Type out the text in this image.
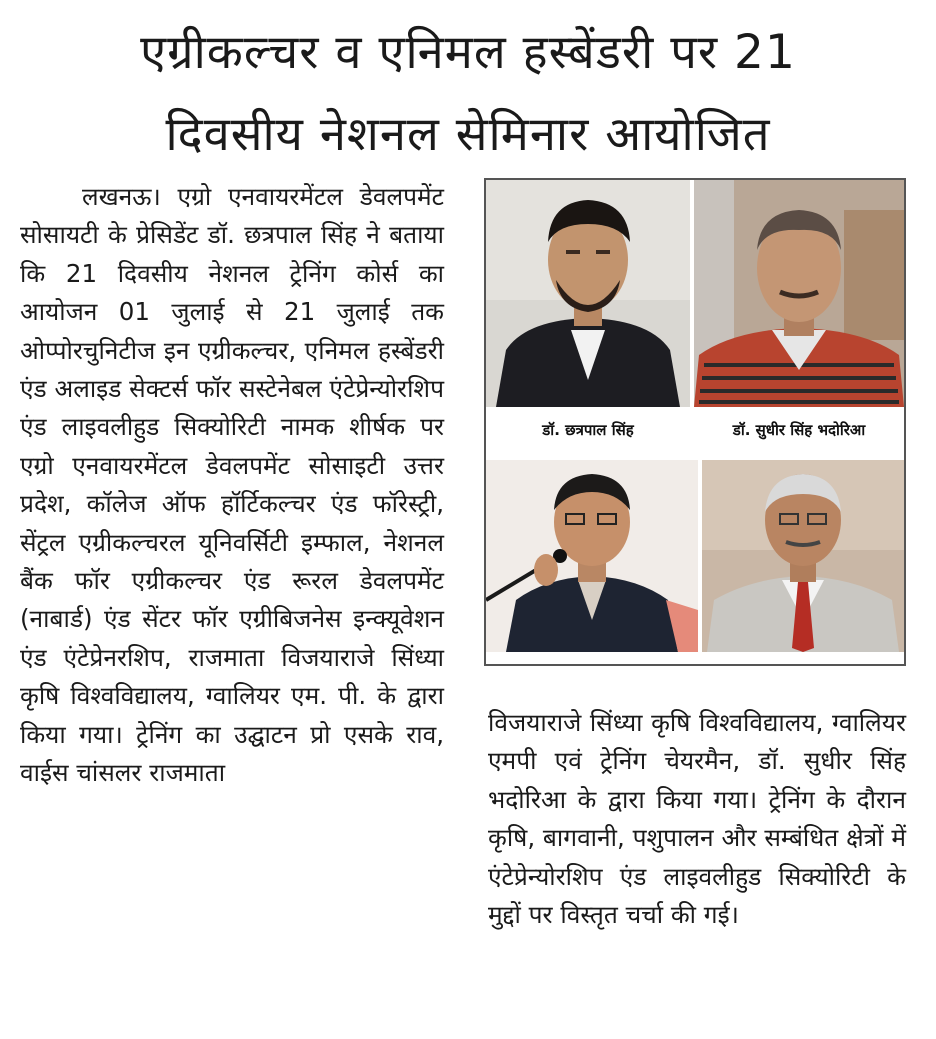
एग्रीकल्चर व एनिमल हस्बेंडरी पर 21
दिवसीय नेशनल सेमिनार आयोजित
लखनऊ। एग्रो एनवायरमेंटल डेवलपमेंट सोसायटी के प्रेसिडेंट डॉ. छत्रपाल सिंह ने बताया कि 21 दिवसीय नेशनल ट्रेनिंग कोर्स का आयोजन 01 जुलाई से 21 जुलाई तक ओप्पोरचुनिटीज इन एग्रीकल्चर, एनिमल हस्बेंडरी एंड अलाइड सेक्टर्स फॉर सस्टेनेबल एंटेप्रेन्योरशिप एंड लाइवलीहुड सिक्योरिटी नामक शीर्षक पर एग्रो एनवायरमेंटल डेवलपमेंट सोसाइटी उत्तर प्रदेश, कॉलेज ऑफ हॉर्टिकल्चर एंड फॉरेस्ट्री, सेंट्रल एग्रीकल्चरल यूनिवर्सिटी इम्फाल, नेशनल बैंक फॉर एग्रीकल्चर एंड रूरल डेवलपमेंट (नाबार्ड) एंड सेंटर फॉर एग्रीबिजनेस इन्क्यूवेशन एंड एंटेप्रेनरशिप, राजमाता विजयाराजे सिंध्या कृषि विश्वविद्यालय, ग्वालियर एम. पी. के द्वारा किया गया। ट्रेनिंग का उद्घाटन प्रो एसके राव, वाईस चांसलर राजमाता
डॉ. छत्रपाल सिंह	डॉ. सुधीर सिंह भदोरिआ
विजयाराजे सिंध्या कृषि विश्वविद्यालय, ग्वालियर एमपी एवं ट्रेनिंग चेयरमैन, डॉ. सुधीर सिंह भदोरिआ के द्वारा किया गया। ट्रेनिंग के दौरान कृषि, बागवानी, पशुपालन और सम्बंधित क्षेत्रों में एंटेप्रेन्योरशिप एंड लाइवलीहुड सिक्योरिटी के मुद्दों पर विस्तृत चर्चा की गई।
